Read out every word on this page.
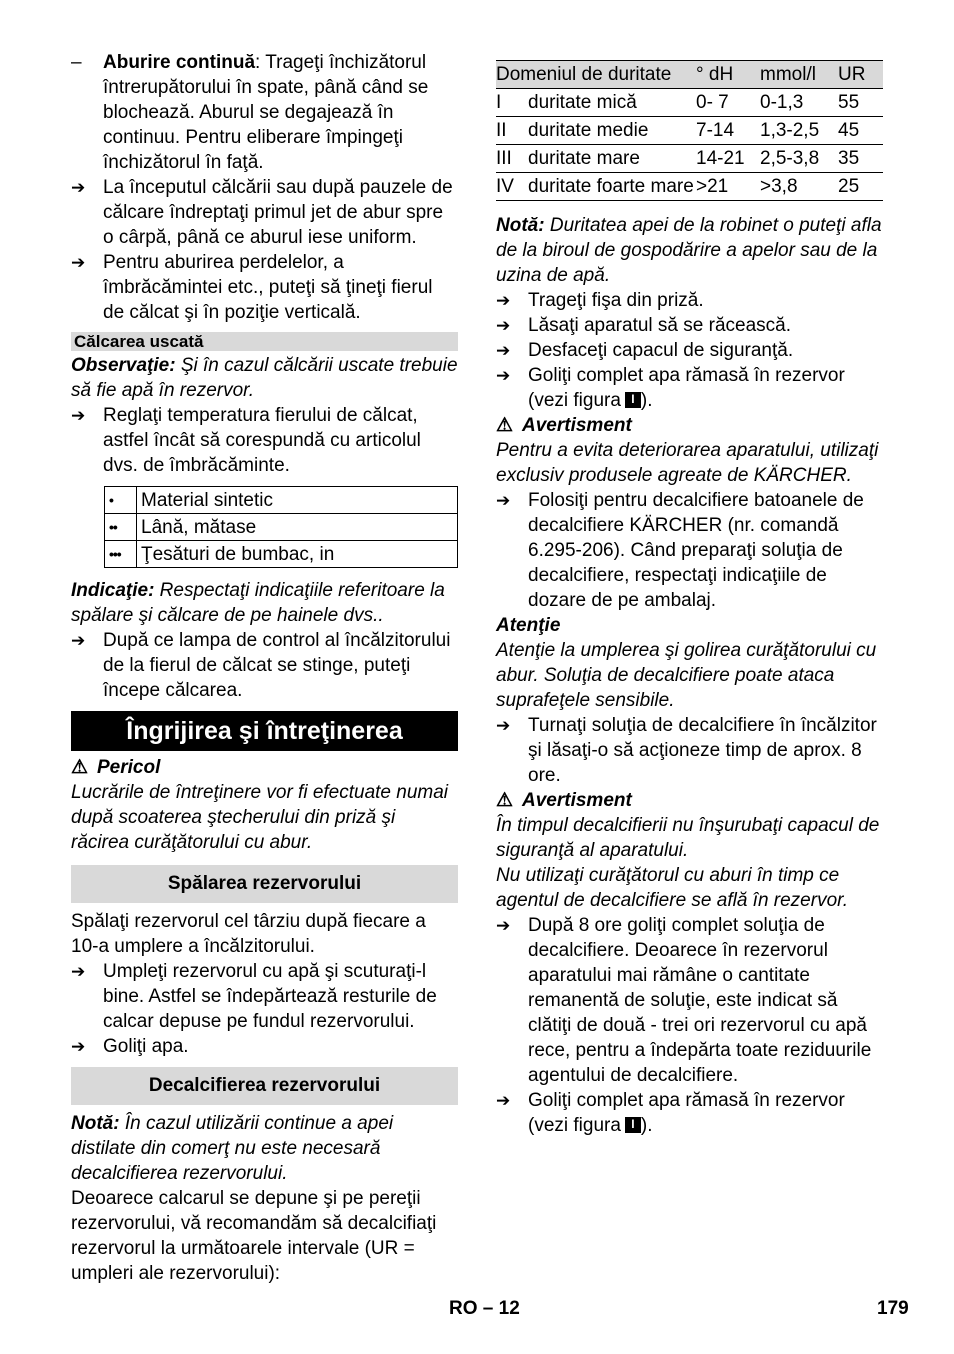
–	Aburire continuă: Trageţi închizătorul întrerupătorului în spate, până când se blochează. Aburul se degajează în continuu. Pentru eliberare împingeţi închizătorul în faţă.

➔ La începutul călcării sau după pauzele de călcare îndreptaţi primul jet de abur spre o cârpă, până ce aburul iese uniform.

➔ Pentru aburirea perdelelor, a îmbrăcămintei etc., puteţi să ţineţi fierul de călcat şi în poziţie verticală.

Călcarea uscată

Observaţie: Şi în cazul călcării uscate trebuie să fie apă în rezervor.

➔ Reglaţi temperatura fierului de călcat, astfel încât să corespundă cu articolul dvs. de îmbrăcăminte.

•	Material sintetic
••	Lână, mătase
•••	Ţesături de bumbac, in

Indicaţie: Respectaţi indicaţiile referitoare la spălare şi călcare de pe hainele dvs..

➔ După ce lampa de control al încălzitorului de la fierul de călcat se stinge, puteţi începe călcarea.

Îngrijirea şi întreţinerea

⚠ Pericol

Lucrările de întreţinere vor fi efectuate numai după scoaterea ştecherului din priză şi răcirea curăţătorului cu abur.

Spălarea rezervorului

Spălaţi rezervorul cel târziu după fiecare a 10-a umplere a încălzitorului.

➔ Umpleţi rezervorul cu apă şi scuturaţi-l bine. Astfel se îndepărtează resturile de calcar depuse pe fundul rezervorului.

➔ Goliţi apa.

Decalcifierea rezervorului

Notă: În cazul utilizării continue a apei distilate din comerţ nu este necesară decalcifierea rezervorului.

Deoarece calcarul se depune şi pe pereţii rezervorului, vă recomandăm să decalcifiaţi rezervorul la următoarele intervale (UR = umpleri ale rezervorului):

Domeniul de duritate		° dH	mmol/l	UR
I	duritate mică	0- 7	0-1,3	55
II	duritate medie	7-14	1,3-2,5	45
III	duritate mare	14-21	2,5-3,8	35
IV	duritate foarte mare	>21	>3,8	25

Notă: Duritatea apei de la robinet o puteţi afla de la biroul de gospodărire a apelor sau de la uzina de apă.

➔ Trageţi fişa din priză.

➔ Lăsaţi aparatul să se răcească.

➔ Desfaceţi capacul de siguranţă.

➔ Goliţi complet apa rămasă în rezervor (vezi figura I ).

⚠ Avertisment

Pentru a evita deteriorarea aparatului, utilizaţi exclusiv produsele agreate de KÄRCHER.

➔ Folosiţi pentru decalcifiere batoanele de decalcifiere KÄRCHER (nr. comandă 6.295-206). Când preparaţi soluţia de decalcifiere, respectaţi indicaţiile de dozare de pe ambalaj.

Atenţie

Atenţie la umplerea şi golirea curăţătorului cu abur. Soluţia de decalcifiere poate ataca suprafeţele sensibile.

➔ Turnaţi soluţia de decalcifiere în încălzitor şi lăsaţi-o să acţioneze timp de aprox. 8 ore.

⚠ Avertisment

În timpul decalcifierii nu înşurubaţi capacul de siguranţă al aparatului.

Nu utilizaţi curăţătorul cu aburi în timp ce agentul de decalcifiere se află în rezervor.

➔ După 8 ore goliţi complet soluţia de decalcifiere. Deoarece în rezervorul aparatului mai rămâne o cantitate remanentă de soluţie, este indicat să clătiţi de două - trei ori rezervorul cu apă rece, pentru a îndepărta toate reziduurile agentului de decalcifiere.

➔ Goliţi complet apa rămasă în rezervor (vezi figura I ).

RO – 12	179
